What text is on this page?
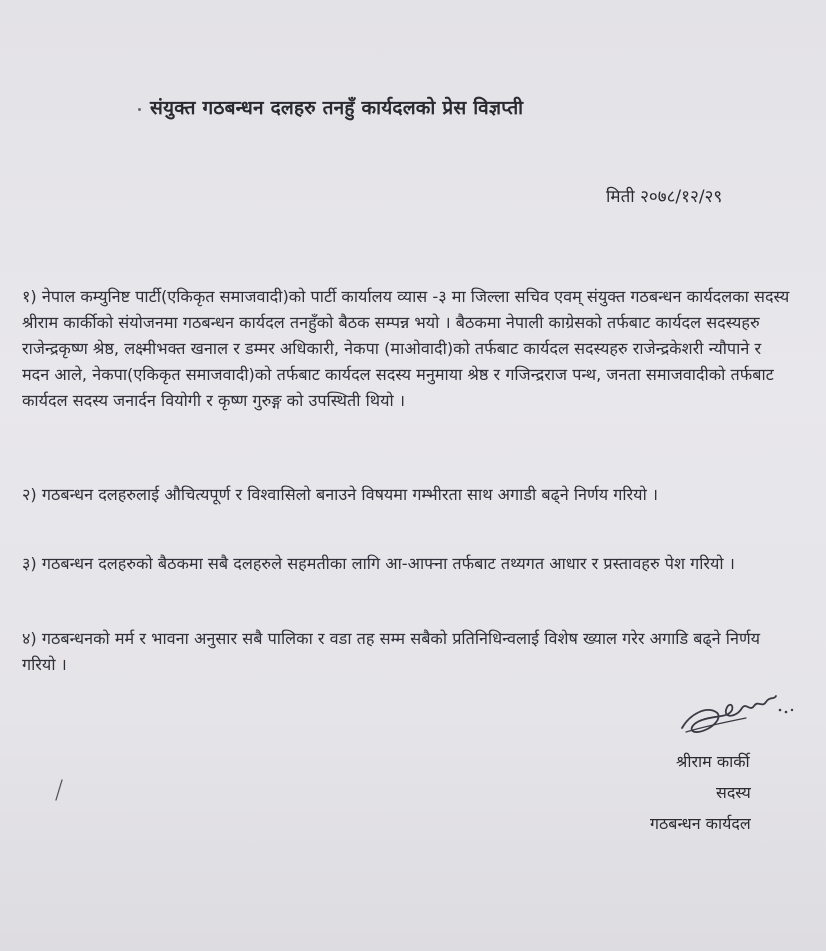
संयुक्त गठबन्धन दलहरु तनहुँ कार्यदलको प्रेस विज्ञप्ती
मिती २०७८/१२/२९

१) नेपाल कम्युनिष्ट पार्टी(एकिकृत समाजवादी)को पार्टी कार्यालय व्यास -३ मा जिल्ला सचिव एवम् संयुक्त गठबन्धन कार्यदलका सदस्य श्रीराम कार्कीको संयोजनमा गठबन्धन कार्यदल तनहुँको बैठक सम्पन्न भयो । बैठकमा नेपाली काग्रेसको तर्फबाट कार्यदल सदस्यहरु राजेन्द्रकृष्ण श्रेष्ठ, लक्ष्मीभक्त खनाल र डम्मर अधिकारी, नेकपा (माओवादी)को तर्फबाट कार्यदल सदस्यहरु राजेन्द्रकेशरी न्यौपाने र मदन आले, नेकपा(एकिकृत समाजवादी)को तर्फबाट कार्यदल सदस्य मनुमाया श्रेष्ठ र गजिन्द्रराज पन्थ, जनता समाजवादीको तर्फबाट कार्यदल सदस्य जनार्दन वियोगी र कृष्ण गुरुङ्ग को उपस्थिती थियो ।

२) गठबन्धन दलहरुलाई औचित्यपूर्ण र विश्वासिलो बनाउने विषयमा गम्भीरता साथ अगाडी बढ्ने निर्णय गरियो ।

३) गठबन्धन दलहरुको बैठकमा सबै दलहरुले सहमतीका लागि आ-आफ्ना तर्फबाट तथ्यगत आधार र प्रस्तावहरु पेश गरियो ।

४) गठबन्धनको मर्म र भावना अनुसार सबै पालिका र वडा तह सम्म सबैको प्रतिनिधिन्वलाई विशेष ख्याल गरेर अगाडि बढ्ने निर्णय गरियो ।

श्रीराम कार्की
सदस्य
गठबन्धन कार्यदल
